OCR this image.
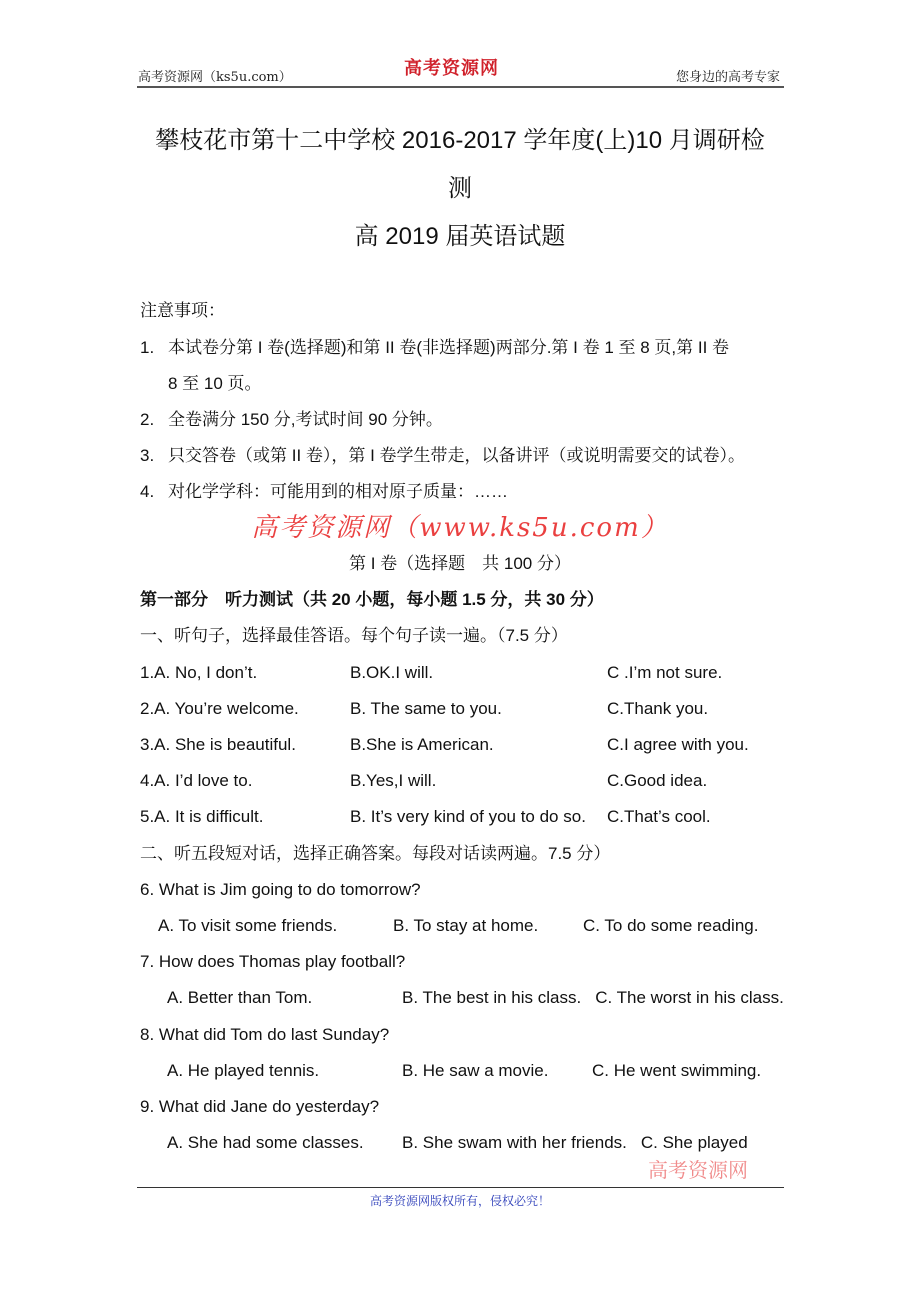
高考资源网（ks5u.com）	高考资源网	您身边的高考专家
攀枝花市第十二中学校 2016-2017 学年度(上)10 月调研检
测
高 2019 届英语试题
注意事项：
1. 本试卷分第 I 卷(选择题)和第 II 卷(非选择题)两部分.第 I 卷 1 至 8 页,第 II 卷
8 至 10 页。
2. 全卷满分 150 分,考试时间 90 分钟。
3. 只交答卷（或第 II 卷），第 I 卷学生带走，以备讲评（或说明需要交的试卷）。
4. 对化学学科：可能用到的相对原子质量：……
高考资源网（www.ks5u.com）
第 I 卷（选择题　共 100 分）
第一部分　听力测试（共 20 小题，每小题 1.5 分，共 30 分）
一、听句子，选择最佳答语。每个句子读一遍。（7.5 分）
1.A. No, I don’t.	B.OK.I will.	C .I’m not sure.
2.A. You’re welcome.	B. The same to you.	C.Thank you.
3.A. She is beautiful.	B.She is American.	C.I agree with you.
4.A. I’d love to.	B.Yes,I will.	C.Good idea.
5.A. It is difficult.	B. It’s very kind of you to do so.	C.That’s cool.
二、听五段短对话，选择正确答案。每段对话读两遍。7.5 分）
6. What is Jim going to do tomorrow?
A. To visit some friends.	B. To stay at home.	C. To do some reading.
7. How does Thomas play football?
A. Better than Tom.	B. The best in his class. C. The worst in his class.
8. What did Tom do last Sunday?
A. He played tennis.	B. He saw a movie.	C. He went swimming.
9. What did Jane do yesterday?
A. She had some classes.	B. She swam with her friends. C. She played
高考资源网
高考资源网版权所有，侵权必究！
